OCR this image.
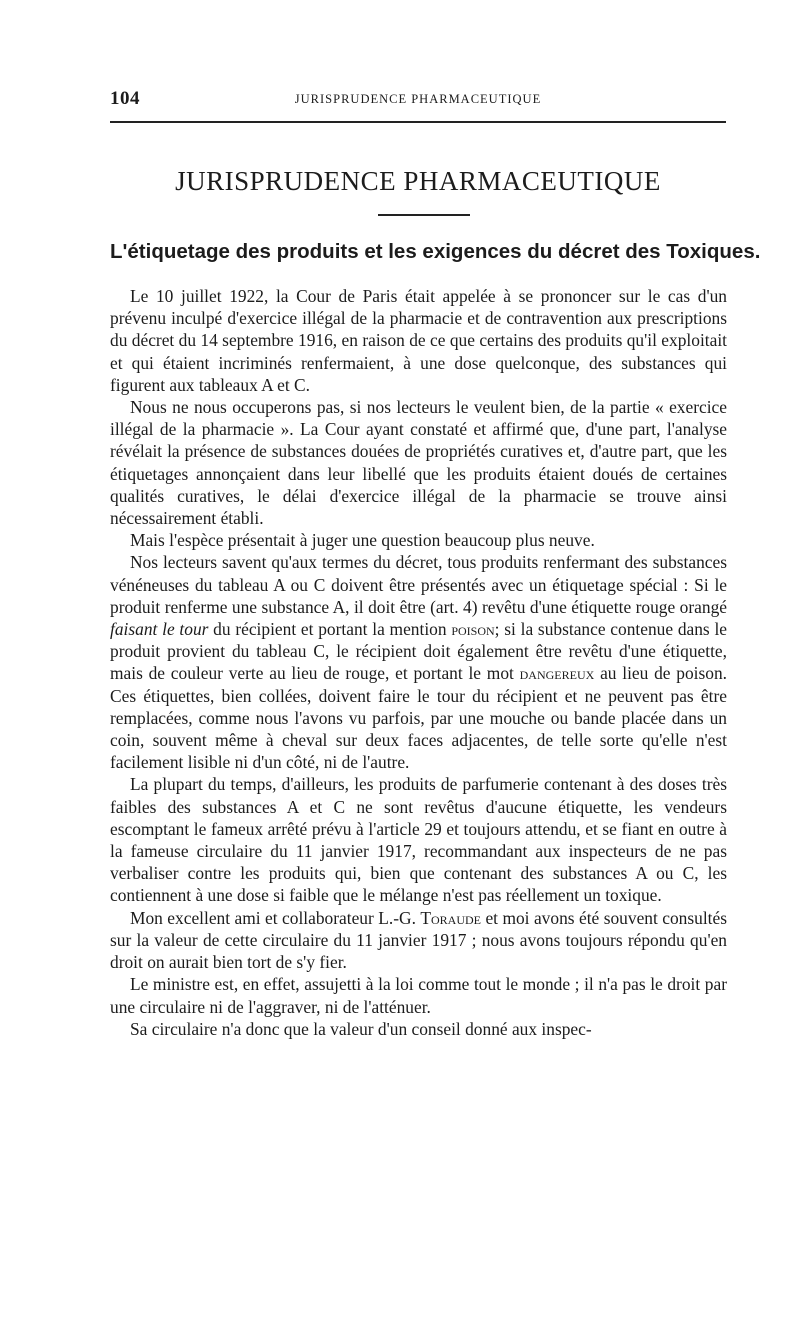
104	JURISPRUDENCE PHARMACEUTIQUE
JURISPRUDENCE PHARMACEUTIQUE
L'étiquetage des produits et les exigences du décret des Toxiques.

Le 10 juillet 1922, la Cour de Paris était appelée à se prononcer sur le cas d'un prévenu inculpé d'exercice illégal de la pharmacie et de contravention aux prescriptions du décret du 14 septembre 1916, en raison de ce que certains des produits qu'il exploitait et qui étaient incriminés renfermaient, à une dose quelconque, des substances qui figurent aux tableaux A et C.

Nous ne nous occuperons pas, si nos lecteurs le veulent bien, de la partie « exercice illégal de la pharmacie ». La Cour ayant constaté et affirmé que, d'une part, l'analyse révélait la présence de substances douées de propriétés curatives et, d'autre part, que les étiquetages annonçaient dans leur libellé que les produits étaient doués de certaines qualités curatives, le délai d'exercice illégal de la pharmacie se trouve ainsi nécessairement établi.

Mais l'espèce présentait à juger une question beaucoup plus neuve.

Nos lecteurs savent qu'aux termes du décret, tous produits renfermant des substances vénéneuses du tableau A ou C doivent être présentés avec un étiquetage spécial : Si le produit renferme une substance A, il doit être (art. 4) revêtu d'une étiquette rouge orangé faisant le tour du récipient et portant la mention poison; si la substance contenue dans le produit provient du tableau C, le récipient doit également être revêtu d'une étiquette, mais de couleur verte au lieu de rouge, et portant le mot dangereux au lieu de poison. Ces étiquettes, bien collées, doivent faire le tour du récipient et ne peuvent pas être remplacées, comme nous l'avons vu parfois, par une mouche ou bande placée dans un coin, souvent même à cheval sur deux faces adjacentes, de telle sorte qu'elle n'est facilement lisible ni d'un côté, ni de l'autre.

La plupart du temps, d'ailleurs, les produits de parfumerie contenant à des doses très faibles des substances A et C ne sont revêtus d'aucune étiquette, les vendeurs escomptant le fameux arrêté prévu à l'article 29 et toujours attendu, et se fiant en outre à la fameuse circulaire du 11 janvier 1917, recommandant aux inspecteurs de ne pas verbaliser contre les produits qui, bien que contenant des substances A ou C, les contiennent à une dose si faible que le mélange n'est pas réellement un toxique.

Mon excellent ami et collaborateur L.-G. Toraude et moi avons été souvent consultés sur la valeur de cette circulaire du 11 janvier 1917 ; nous avons toujours répondu qu'en droit on aurait bien tort de s'y fier.

Le ministre est, en effet, assujetti à la loi comme tout le monde ; il n'a pas le droit par une circulaire ni de l'aggraver, ni de l'atténuer.

Sa circulaire n'a donc que la valeur d'un conseil donné aux inspec-
